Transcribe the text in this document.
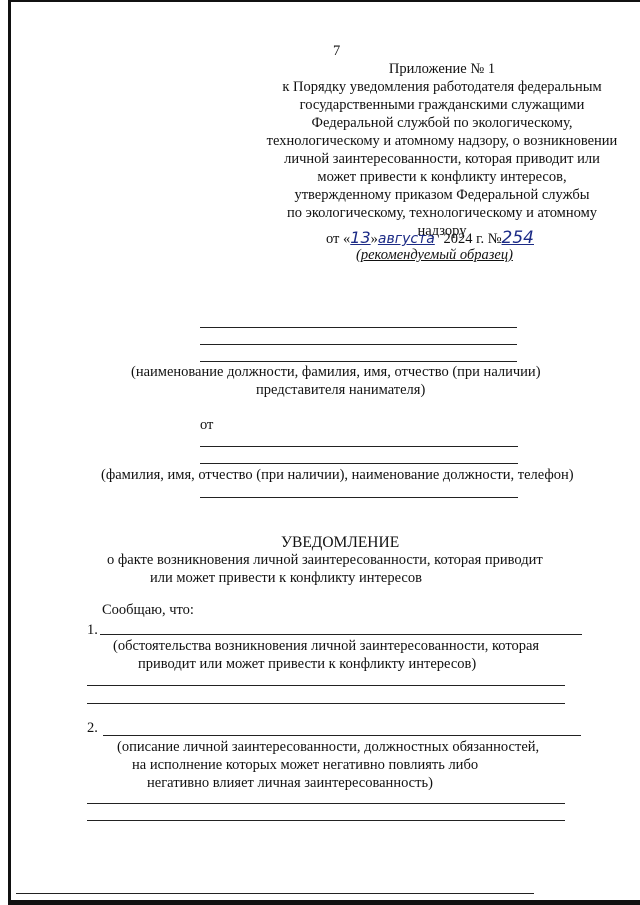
7
Приложение № 1
к Порядку уведомления работодателя федеральным
государственными гражданскими служащими
Федеральной службой по экологическому,
технологическому и атомному надзору, о возникновении
личной заинтересованности, которая приводит или
может привести к конфликту интересов,
утвержденному приказом Федеральной службы
по экологическому, технологическому и атомному
надзору
от «13»августа 2024 г. №254
(рекомендуемый образец)
(наименование должности, фамилия, имя, отчество (при наличии)
представителя нанимателя)
от
(фамилия, имя, отчество (при наличии), наименование должности, телефон)
УВЕДОМЛЕНИЕ
о факте возникновения личной заинтересованности, которая приводит
или может привести к конфликту интересов
Сообщаю, что:
1.
(обстоятельства возникновения личной заинтересованности, которая
приводит или может привести к конфликту интересов)
2.
(описание личной заинтересованности, должностных обязанностей,
на исполнение которых может негативно повлиять либо
негативно влияет личная заинтересованность)
